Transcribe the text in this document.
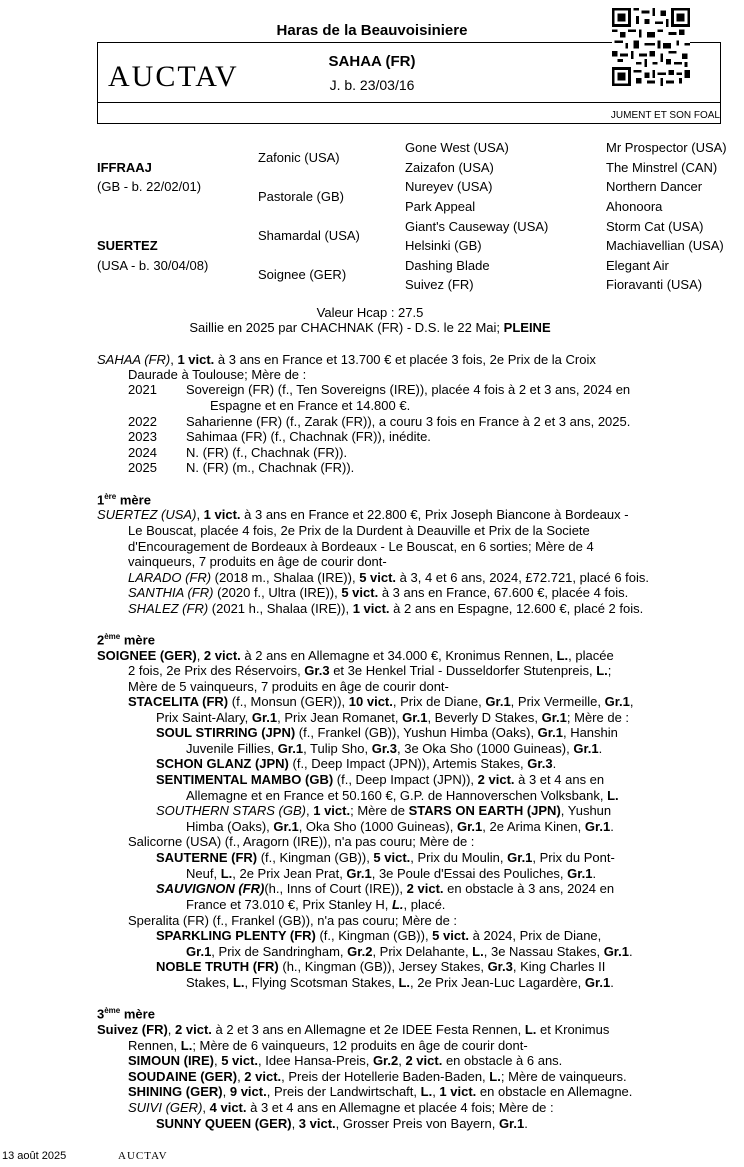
Haras de la Beauvoisiniere
AUCTAV	SAHAA (FR)
J. b. 23/03/16
JUMENT ET SON FOAL
IFFRAAJ
(GB - b. 22/02/01)
SUERTEZ
(USA - b. 30/04/08)
Zafonic (USA)
Pastorale (GB)
Shamardal (USA)
Soignee (GER)
Gone West (USA)
Zaizafon (USA)
Nureyev (USA)
Park Appeal
Giant's Causeway (USA)
Helsinki (GB)
Dashing Blade
Suivez (FR)
Mr Prospector (USA)
The Minstrel (CAN)
Northern Dancer
Ahonoora
Storm Cat (USA)
Machiavellian (USA)
Elegant Air
Fioravanti (USA)
Valeur Hcap : 27.5
Saillie en 2025 par CHACHNAK (FR) - D.S. le 22 Mai; PLEINE
SAHAA (FR), 1 vict. à 3 ans en France et 13.700 € et placée 3 fois, 2e Prix de la Croix
Daurade à Toulouse; Mère de :
2021 Sovereign (FR) (f., Ten Sovereigns (IRE)), placée 4 fois à 2 et 3 ans, 2024 en
Espagne et en France et 14.800 €.
2022 Saharienne (FR) (f., Zarak (FR)), a couru 3 fois en France à 2 et 3 ans, 2025.
2023 Sahimaa (FR) (f., Chachnak (FR)), inédite.
2024 N. (FR) (f., Chachnak (FR)).
2025 N. (FR) (m., Chachnak (FR)).
1ère mère
SUERTEZ (USA), 1 vict. à 3 ans en France et 22.800 €, Prix Joseph Biancone à Bordeaux -
Le Bouscat, placée 4 fois, 2e Prix de la Durdent à Deauville et Prix de la Societe
d'Encouragement de Bordeaux à Bordeaux - Le Bouscat, en 6 sorties; Mère de 4
vainqueurs, 7 produits en âge de courir dont-
LARADO (FR) (2018 m., Shalaa (IRE)), 5 vict. à 3, 4 et 6 ans, 2024, £72.721, placé 6 fois.
SANTHIA (FR) (2020 f., Ultra (IRE)), 5 vict. à 3 ans en France, 67.600 €, placée 4 fois.
SHALEZ (FR) (2021 h., Shalaa (IRE)), 1 vict. à 2 ans en Espagne, 12.600 €, placé 2 fois.
2ème mère
SOIGNEE (GER), 2 vict. à 2 ans en Allemagne et 34.000 €, Kronimus Rennen, L., placée
2 fois, 2e Prix des Réservoirs, Gr.3 et 3e Henkel Trial - Dusseldorfer Stutenpreis, L.;
Mère de 5 vainqueurs, 7 produits en âge de courir dont-
STACELITA (FR) (f., Monsun (GER)), 10 vict., Prix de Diane, Gr.1, Prix Vermeille, Gr.1,
Prix Saint-Alary, Gr.1, Prix Jean Romanet, Gr.1, Beverly D Stakes, Gr.1; Mère de :
SOUL STIRRING (JPN) (f., Frankel (GB)), Yushun Himba (Oaks), Gr.1, Hanshin
Juvenile Fillies, Gr.1, Tulip Sho, Gr.3, 3e Oka Sho (1000 Guineas), Gr.1.
SCHON GLANZ (JPN) (f., Deep Impact (JPN)), Artemis Stakes, Gr.3.
SENTIMENTAL MAMBO (GB) (f., Deep Impact (JPN)), 2 vict. à 3 et 4 ans en
Allemagne et en France et 50.160 €, G.P. de Hannoverschen Volksbank, L.
SOUTHERN STARS (GB), 1 vict.; Mère de STARS ON EARTH (JPN), Yushun
Himba (Oaks), Gr.1, Oka Sho (1000 Guineas), Gr.1, 2e Arima Kinen, Gr.1.
Salicorne (USA) (f., Aragorn (IRE)), n'a pas couru; Mère de :
SAUTERNE (FR) (f., Kingman (GB)), 5 vict., Prix du Moulin, Gr.1, Prix du Pont-
Neuf, L., 2e Prix Jean Prat, Gr.1, 3e Poule d'Essai des Pouliches, Gr.1.
SAUVIGNON (FR)(h., Inns of Court (IRE)), 2 vict. en obstacle à 3 ans, 2024 en
France et 73.010 €, Prix Stanley H, L., placé.
Speralita (FR) (f., Frankel (GB)), n'a pas couru; Mère de :
SPARKLING PLENTY (FR) (f., Kingman (GB)), 5 vict. à 2024, Prix de Diane,
Gr.1, Prix de Sandringham, Gr.2, Prix Delahante, L., 3e Nassau Stakes, Gr.1.
NOBLE TRUTH (FR) (h., Kingman (GB)), Jersey Stakes, Gr.3, King Charles II
Stakes, L., Flying Scotsman Stakes, L., 2e Prix Jean-Luc Lagardère, Gr.1.
3ème mère
Suivez (FR), 2 vict. à 2 et 3 ans en Allemagne et 2e IDEE Festa Rennen, L. et Kronimus
Rennen, L.; Mère de 6 vainqueurs, 12 produits en âge de courir dont-
SIMOUN (IRE), 5 vict., Idee Hansa-Preis, Gr.2, 2 vict. en obstacle à 6 ans.
SOUDAINE (GER), 2 vict., Preis der Hotellerie Baden-Baden, L.; Mère de vainqueurs.
SHINING (GER), 9 vict., Preis der Landwirtschaft, L., 1 vict. en obstacle en Allemagne.
SUIVI (GER), 4 vict. à 3 et 4 ans en Allemagne et placée 4 fois; Mère de :
SUNNY QUEEN (GER), 3 vict., Grosser Preis von Bayern, Gr.1.
13 août 2025	AUCTAV
